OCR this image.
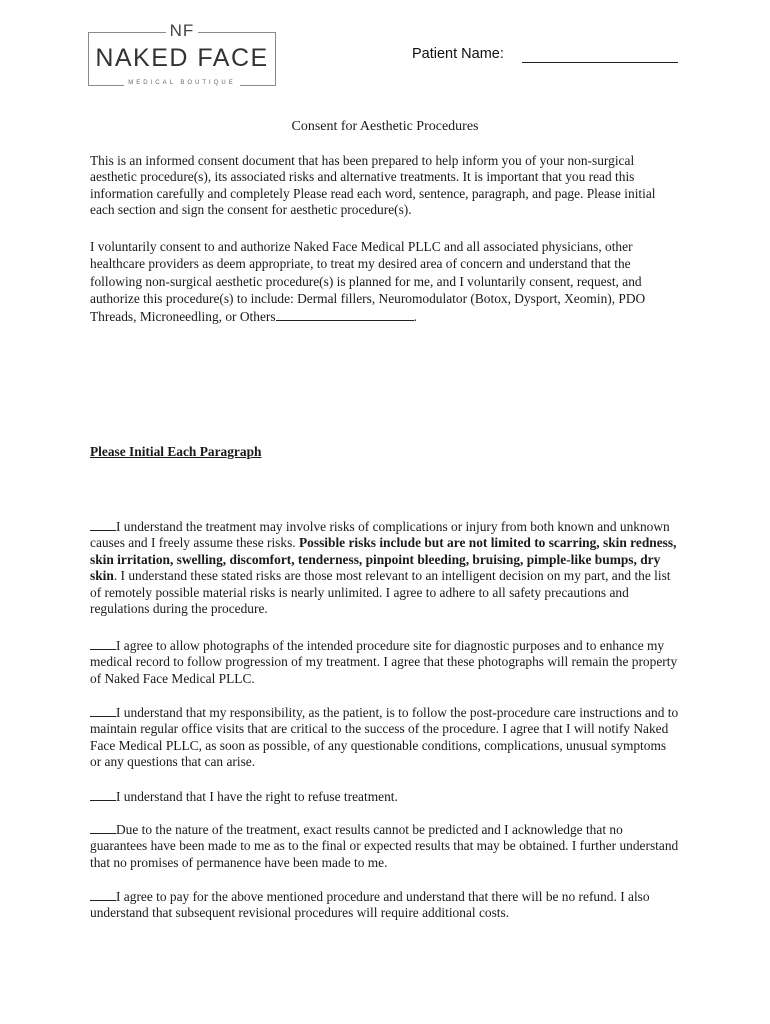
NF
NAKED FACE
MEDICAL BOUTIQUE
Patient Name:
Consent for Aesthetic Procedures

This is an informed consent document that has been prepared to help inform you of your non-surgical aesthetic procedure(s), its associated risks and alternative treatments. It is important that you read this information carefully and completely Please read each word, sentence, paragraph, and page. Please initial each section and sign the consent for aesthetic procedure(s).

I voluntarily consent to and authorize Naked Face Medical PLLC and all associated physicians, other healthcare providers as deem appropriate, to treat my desired area of concern and understand that the following non-surgical aesthetic procedure(s) is planned for me, and I voluntarily consent, request, and authorize this procedure(s) to include: Dermal fillers, Neuromodulator (Botox, Dysport, Xeomin), PDO Threads, Microneedling, or Others	.

Please Initial Each Paragraph

I understand the treatment may involve risks of complications or injury from both known and unknown causes and I freely assume these risks. Possible risks include but are not limited to scarring, skin redness, skin irritation, swelling, discomfort, tenderness, pinpoint bleeding, bruising, pimple-like bumps, dry skin. I understand these stated risks are those most relevant to an intelligent decision on my part, and the list of remotely possible material risks is nearly unlimited. I agree to adhere to all safety precautions and regulations during the procedure.

I agree to allow photographs of the intended procedure site for diagnostic purposes and to enhance my medical record to follow progression of my treatment. I agree that these photographs will remain the property of Naked Face Medical PLLC.

I understand that my responsibility, as the patient, is to follow the post-procedure care instructions and to maintain regular office visits that are critical to the success of the procedure. I agree that I will notify Naked Face Medical PLLC, as soon as possible, of any questionable conditions, complications, unusual symptoms or any questions that can arise.

I understand that I have the right to refuse treatment.

Due to the nature of the treatment, exact results cannot be predicted and I acknowledge that no guarantees have been made to me as to the final or expected results that may be obtained. I further understand that no promises of permanence have been made to me.

I agree to pay for the above mentioned procedure and understand that there will be no refund. I also understand that subsequent revisional procedures will require additional costs.
